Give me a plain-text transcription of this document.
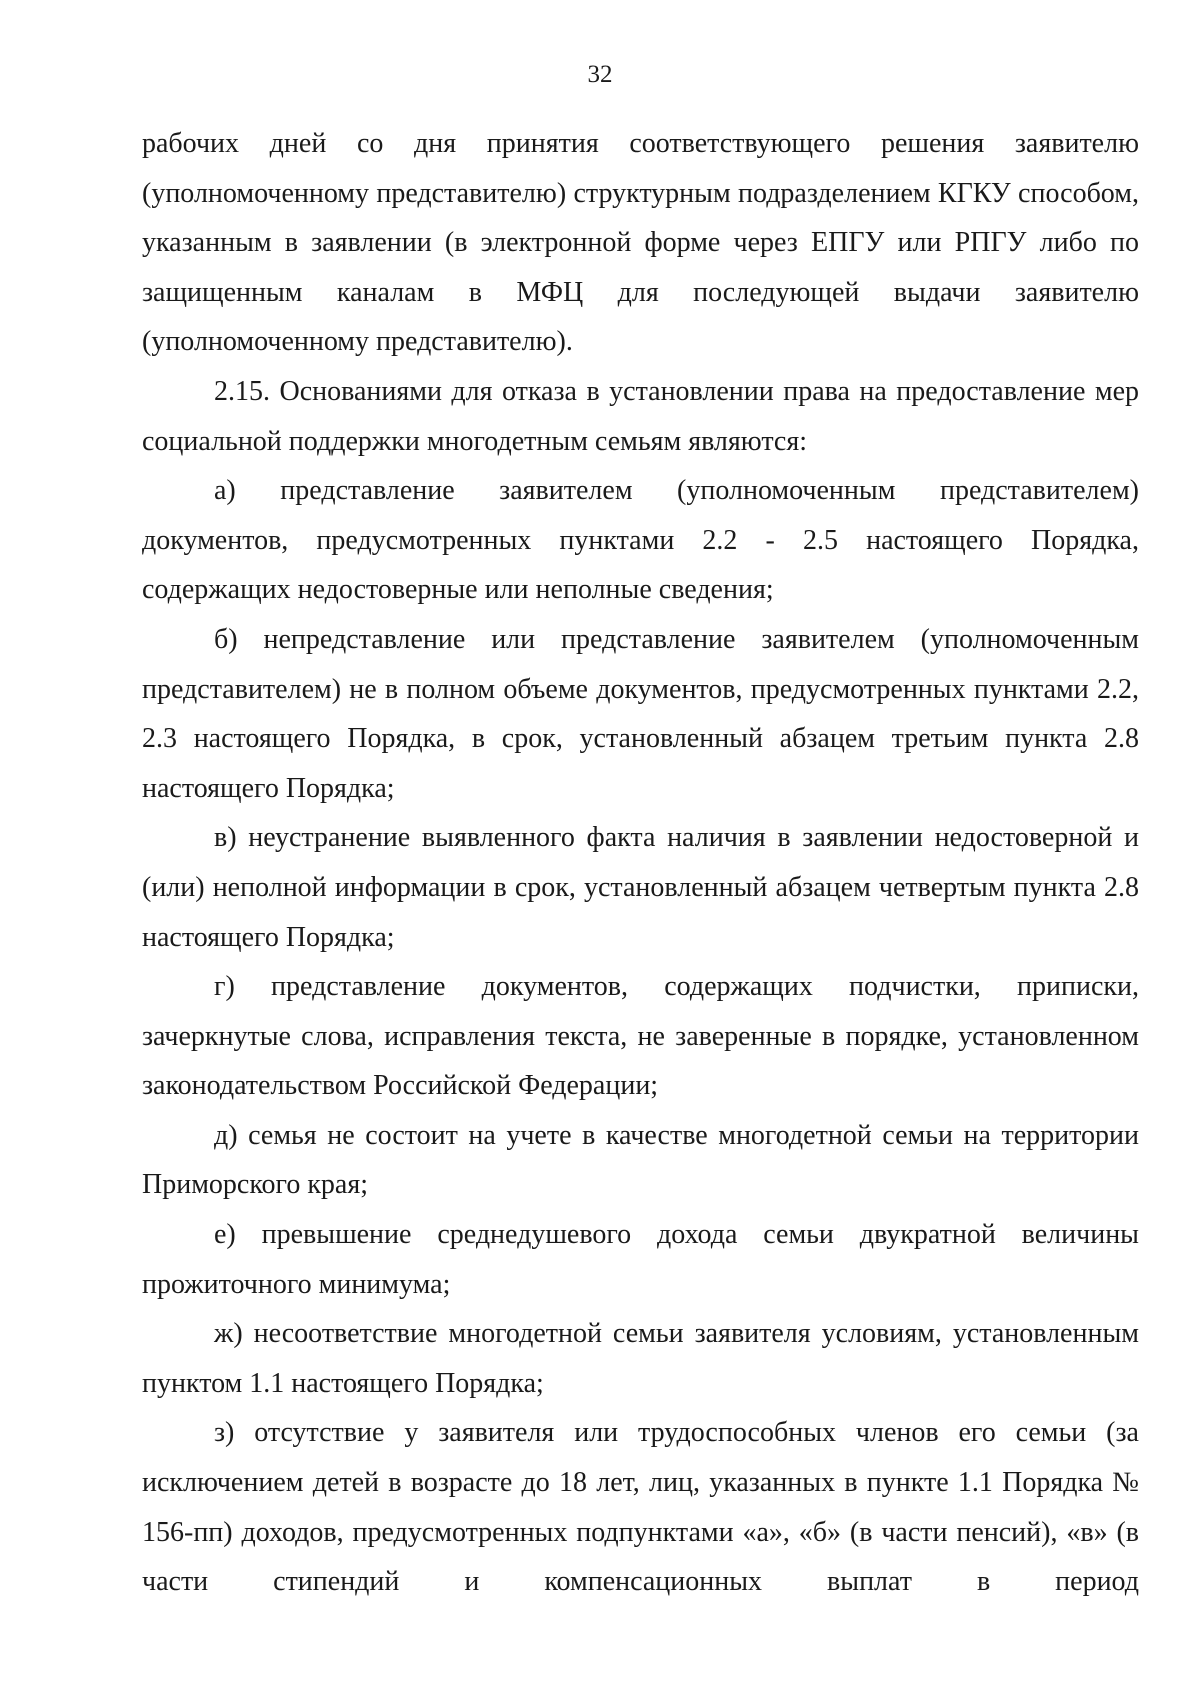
32

рабочих дней со дня принятия соответствующего решения заявителю (уполномоченному представителю) структурным подразделением КГКУ способом, указанным в заявлении (в электронной форме через ЕПГУ или РПГУ либо по защищенным каналам в МФЦ для последующей выдачи заявителю (уполномоченному представителю).

2.15. Основаниями для отказа в установлении права на предоставление мер социальной поддержки многодетным семьям являются:

а) представление заявителем (уполномоченным представителем) документов, предусмотренных пунктами 2.2 - 2.5 настоящего Порядка, содержащих недостоверные или неполные сведения;

б) непредставление или представление заявителем (уполномоченным представителем) не в полном объеме документов, предусмотренных пунктами 2.2, 2.3 настоящего Порядка, в срок, установленный абзацем третьим пункта 2.8 настоящего Порядка;

в) неустранение выявленного факта наличия в заявлении недостоверной и (или) неполной информации в срок, установленный абзацем четвертым пункта 2.8 настоящего Порядка;

г) представление документов, содержащих подчистки, приписки, зачеркнутые слова, исправления текста, не заверенные в порядке, установленном законодательством Российской Федерации;

д) семья не состоит на учете в качестве многодетной семьи на территории Приморского края;

е) превышение среднедушевого дохода семьи двукратной величины прожиточного минимума;

ж) несоответствие многодетной семьи заявителя условиям, установленным пунктом 1.1 настоящего Порядка;

з) отсутствие у заявителя или трудоспособных членов его семьи (за исключением детей в возрасте до 18 лет, лиц, указанных в пункте 1.1 Порядка № 156-пп) доходов, предусмотренных подпунктами «а», «б» (в части пенсий), «в» (в части стипендий и компенсационных выплат в период
